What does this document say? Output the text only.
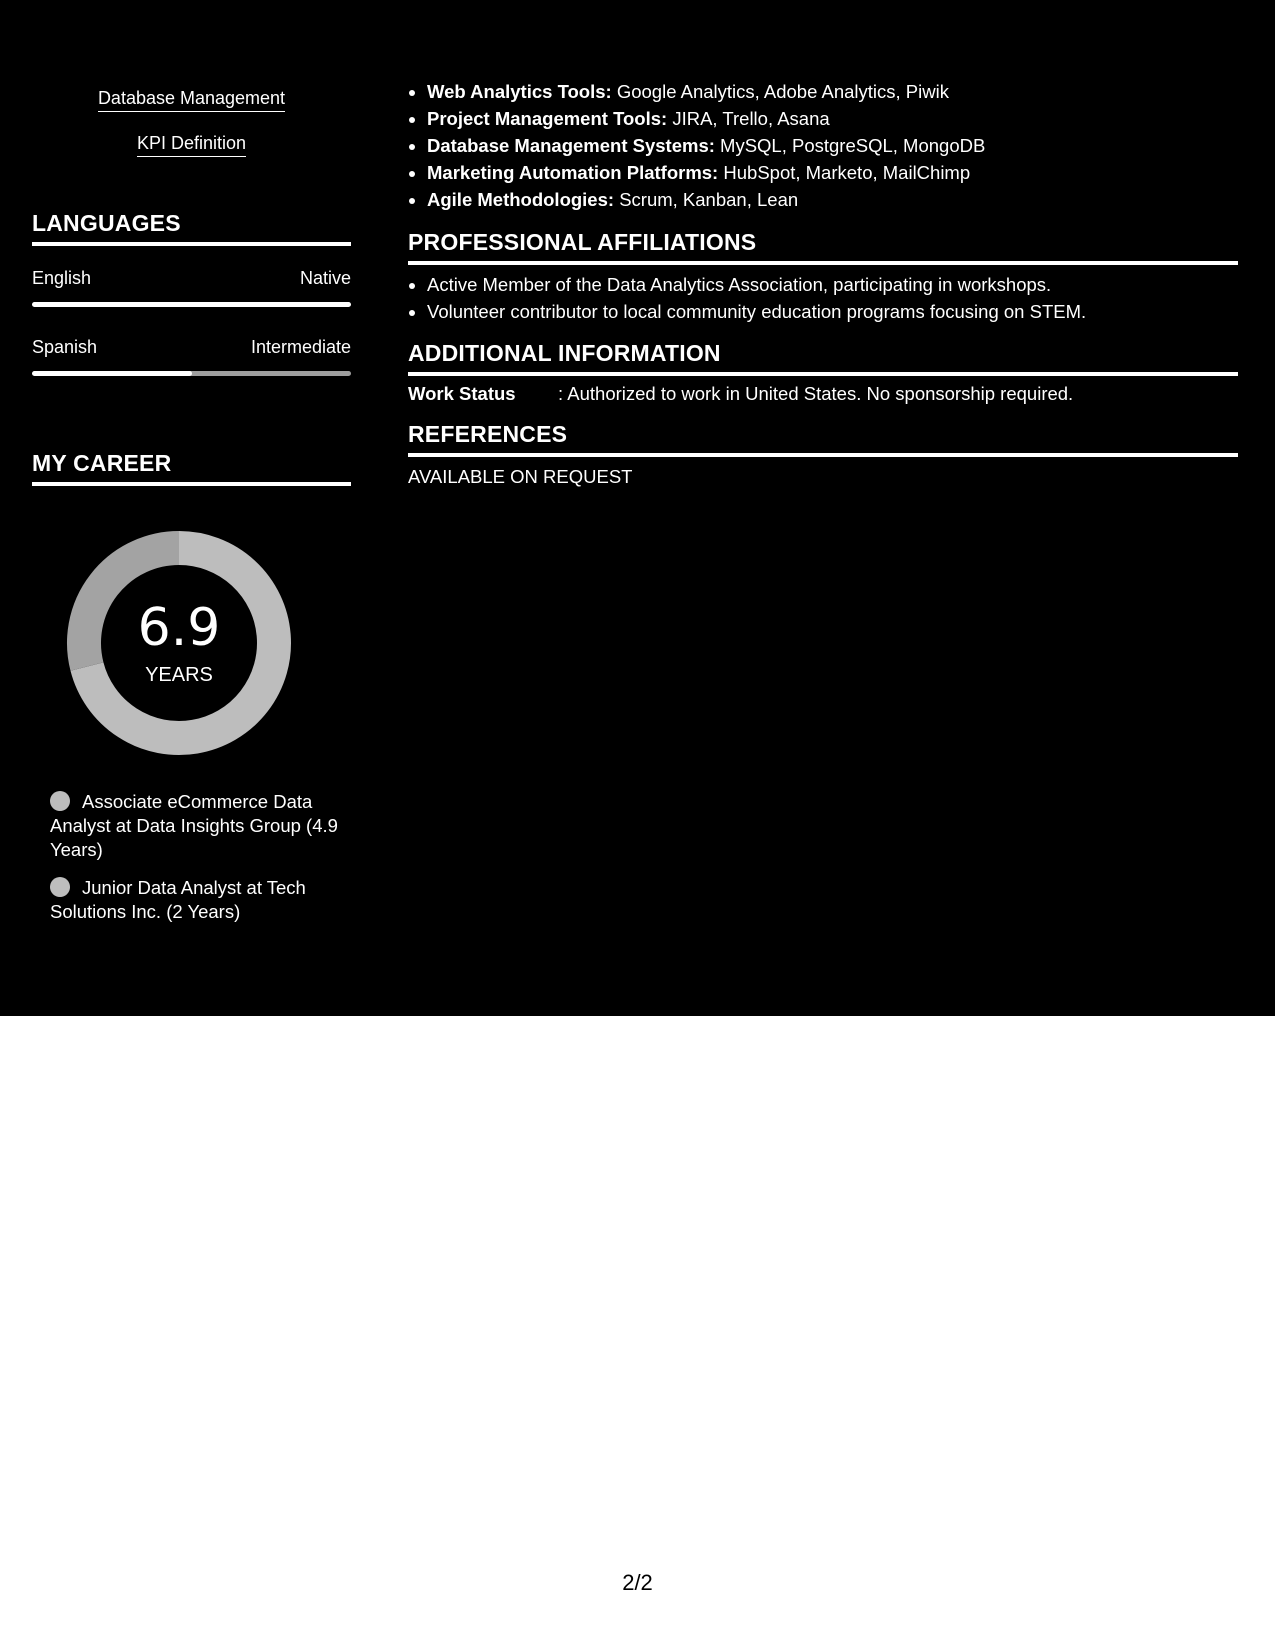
Database Management
KPI Definition
LANGUAGES
English	Native
Spanish	Intermediate
MY CAREER
6.9
YEARS
Associate eCommerce Data Analyst at Data Insights Group (4.9 Years)
Junior Data Analyst at Tech Solutions Inc. (2 Years)
• Web Analytics Tools: Google Analytics, Adobe Analytics, Piwik
• Project Management Tools: JIRA, Trello, Asana
• Database Management Systems: MySQL, PostgreSQL, MongoDB
• Marketing Automation Platforms: HubSpot, Marketo, MailChimp
• Agile Methodologies: Scrum, Kanban, Lean
PROFESSIONAL AFFILIATIONS
• Active Member of the Data Analytics Association, participating in workshops.
• Volunteer contributor to local community education programs focusing on STEM.
ADDITIONAL INFORMATION
Work Status : Authorized to work in United States. No sponsorship required.
REFERENCES
AVAILABLE ON REQUEST
2/2
